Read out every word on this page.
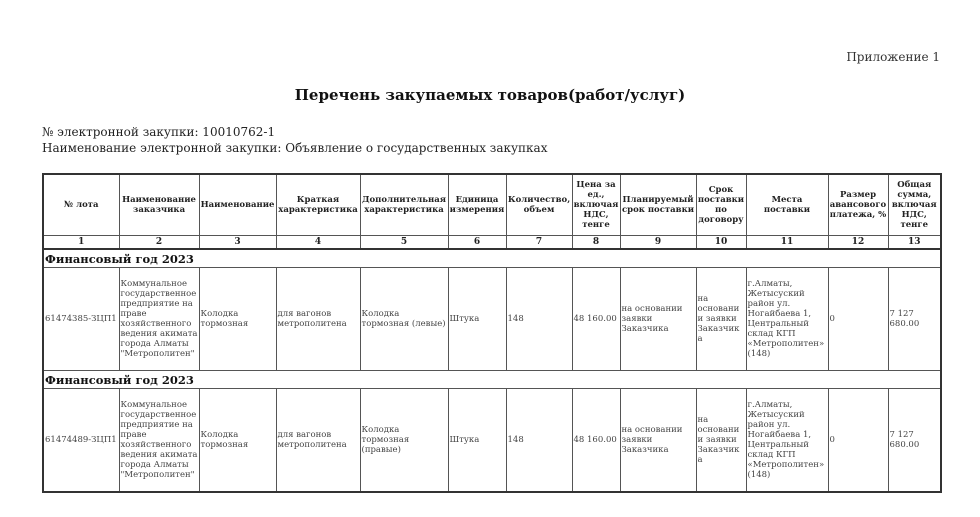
Приложение 1
Перечень закупаемых товаров(работ/услуг)
№ электронной закупки: 10010762-1
Наименование электронной закупки: Объявление о государственных закупках
№ лота	Наименование заказчика	Наименование	Краткая характеристика	Дополнительная характеристика	Единица измерения	Количество, объем	Цена за ед., включая НДС, тенге	Планируемый срок поставки	Срок поставки по договору	Места поставки	Размер авансового платежа, %	Общая сумма, включая НДС, тенге
1	2	3	4	5	6	7	8	9	10	11	12	13
Финансовый год 2023												
61474385-ЗЦП1	Коммунальное государственное предприятие на праве хозяйственного ведения акимата города Алматы "Метрополитен"	Колодка тормозная	для вагонов метрополитена	Колодка тормозная (левые)	Штука	148	48 160.00	на основании заявки Заказчика	на основании заявки Заказчика	г.Алматы, Жетысуский район ул. Ногайбаева 1, Центральный склад КГП «Метрополитен» (148)	0	7 127 680.00
Финансовый год 2023												
61474489-ЗЦП1	Коммунальное государственное предприятие на праве хозяйственного ведения акимата города Алматы "Метрополитен"	Колодка тормозная	для вагонов метрополитена	Колодка тормозная (правые)	Штука	148	48 160.00	на основании заявки Заказчика	на основании заявки Заказчика	г.Алматы, Жетысуский район ул. Ногайбаева 1, Центральный склад КГП «Метрополитен» (148)	0	7 127 680.00
